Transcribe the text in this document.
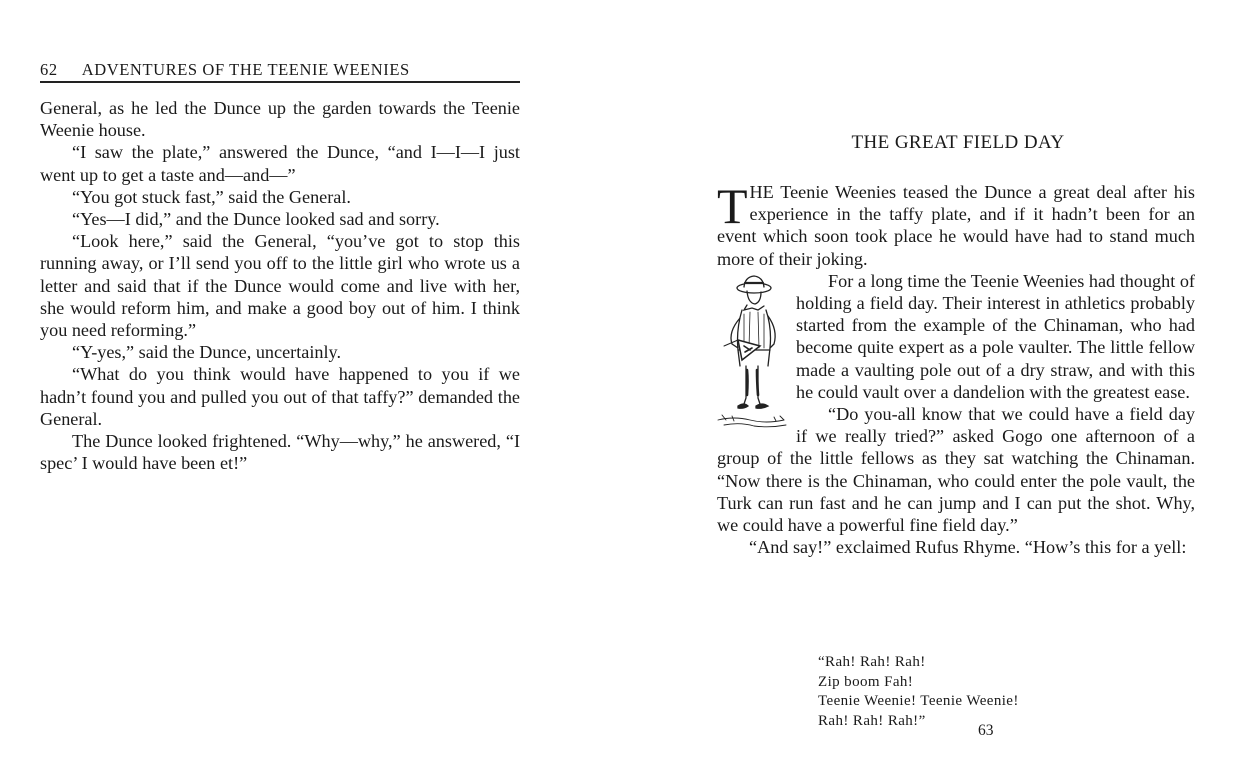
62 ADVENTURES OF THE TEENIE WEENIES

General, as he led the Dunce up the garden towards the Teenie Weenie house.

“I saw the plate,” answered the Dunce, “and I—I—I just went up to get a taste and—and—”

“You got stuck fast,” said the General.

“Yes—I did,” and the Dunce looked sad and sorry.

“Look here,” said the General, “you’ve got to stop this running away, or I’ll send you off to the little girl who wrote us a letter and said that if the Dunce would come and live with her, she would reform him, and make a good boy out of him. I think you need reforming.”

“Y-yes,” said the Dunce, uncertainly.

“What do you think would have happened to you if we hadn’t found you and pulled you out of that taffy?” demanded the General.

The Dunce looked frightened. “Why—why,” he answered, “I spec’ I would have been et!”

THE GREAT FIELD DAY

THE Teenie Weenies teased the Dunce a great deal after his experience in the taffy plate, and if it hadn’t been for an event which soon took place he would have had to stand much more of their joking.

For a long time the Teenie Weenies had thought of holding a field day. Their interest in athletics probably started from the example of the Chinaman, who had become quite expert as a pole vaulter. The little fellow made a vaulting pole out of a dry straw, and with this he could vault over a dandelion with the greatest ease.

“Do you-all know that we could have a field day if we really tried?” asked Gogo one afternoon of a group of the little fellows as they sat watching the Chinaman. “Now there is the Chinaman, who could enter the pole vault, the Turk can run fast and he can jump and I can put the shot. Why, we could have a powerful fine field day.”

“And say!” exclaimed Rufus Rhyme. “How’s this for a yell:

“Rah! Rah! Rah!
Zip boom Fah!
Teenie Weenie! Teenie Weenie!
Rah! Rah! Rah!”
63
